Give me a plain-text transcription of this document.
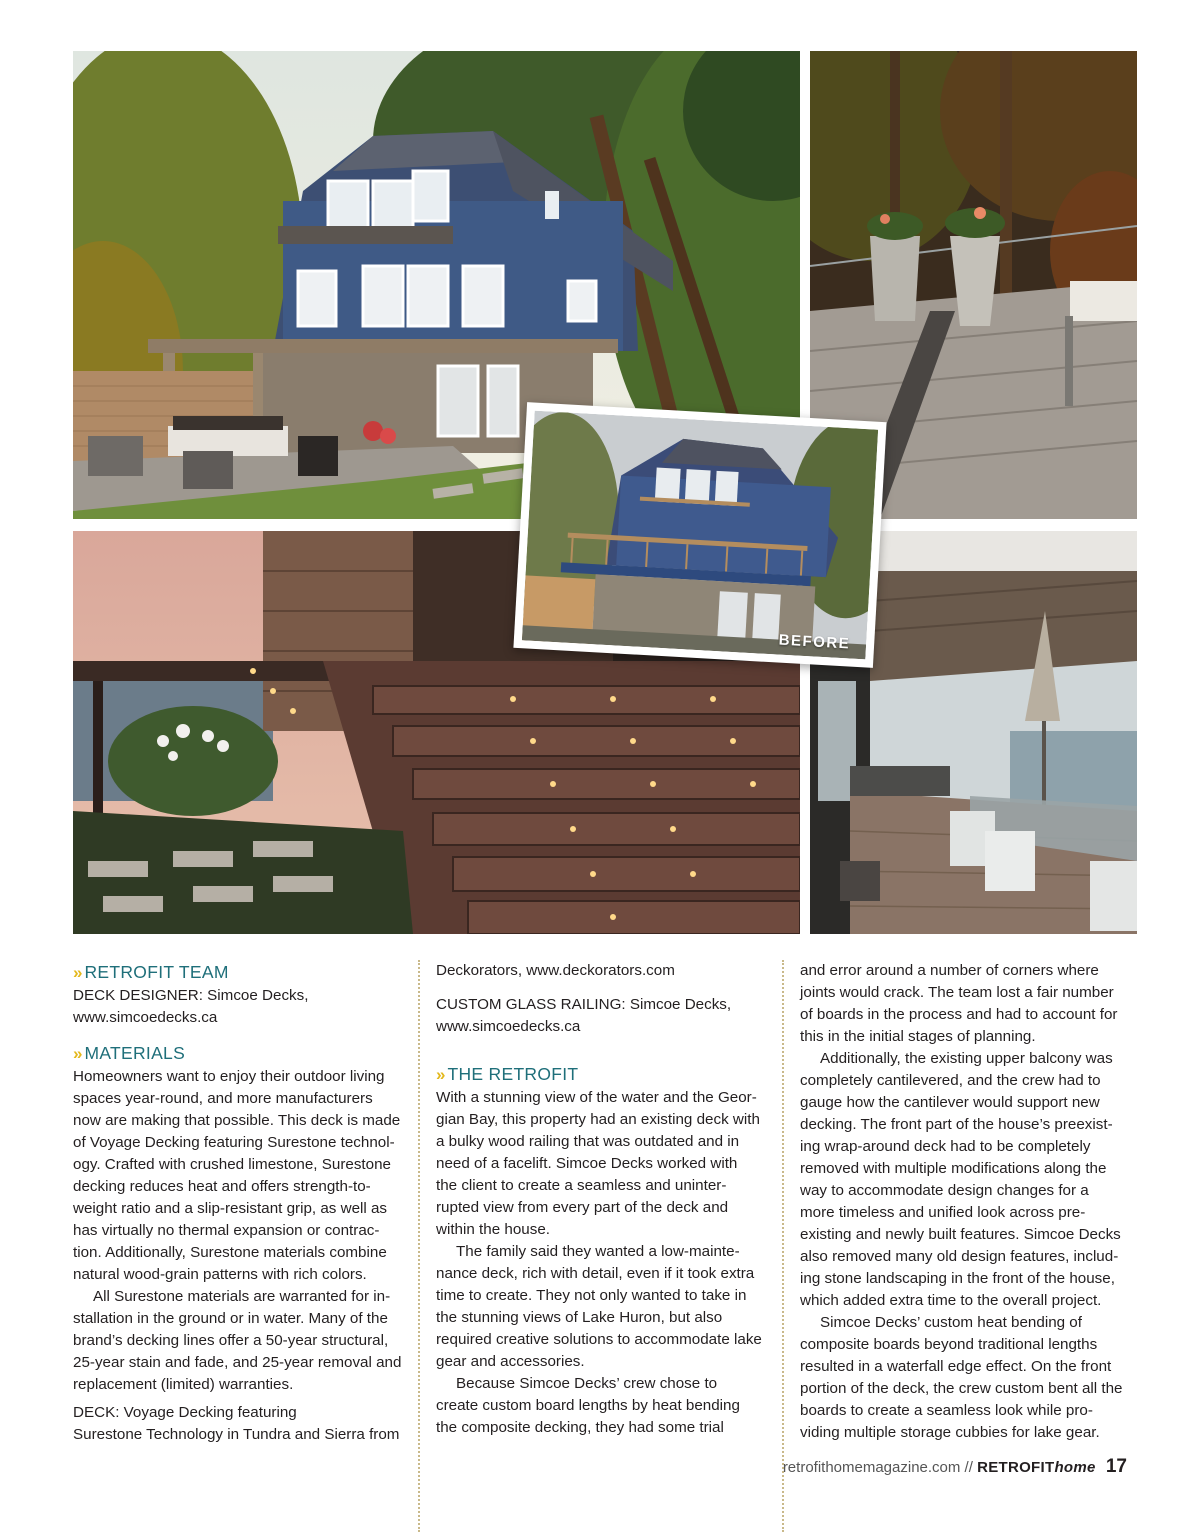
BEFORE
» RETROFIT TEAM

DECK DESIGNER: Simcoe Decks,

www.simcoedecks.ca

» MATERIALS

Homeowners want to enjoy their outdoor living spaces year-round, and more manufacturers now are making that possible. This deck is made of Voyage Decking featuring Surestone technol-ogy. Crafted with crushed limestone, Surestone decking reduces heat and offers strength-to-weight ratio and a slip-resistant grip, as well as has virtually no thermal expansion or contrac-tion. Additionally, Surestone materials combine natural wood-grain patterns with rich colors.

All Surestone materials are warranted for in-stallation in the ground or in water. Many of the brand’s decking lines offer a 50-year structural, 25-year stain and fade, and 25-year removal and replacement (limited) warranties.

DECK: Voyage Decking featuring

Surestone Technology in Tundra and Sierra from

Deckorators, www.deckorators.com

CUSTOM GLASS RAILING: Simcoe Decks,

www.simcoedecks.ca

» THE RETROFIT

With a stunning view of the water and the Geor-gian Bay, this property had an existing deck with a bulky wood railing that was outdated and in need of a facelift. Simcoe Decks worked with the client to create a seamless and uninter-rupted view from every part of the deck and within the house.

The family said they wanted a low-mainte-nance deck, rich with detail, even if it took extra time to create. They not only wanted to take in the stunning views of Lake Huron, but also required creative solutions to accommodate lake gear and accessories.

Because Simcoe Decks’ crew chose to create custom board lengths by heat bending the composite decking, they had some trial

and error around a number of corners where joints would crack. The team lost a fair number of boards in the process and had to account for this in the initial stages of planning.

Additionally, the existing upper balcony was completely cantilevered, and the crew had to gauge how the cantilever would support new decking. The front part of the house’s preexist-ing wrap-around deck had to be completely removed with multiple modifications along the way to accommodate design changes for a more timeless and unified look across pre-existing and newly built features. Simcoe Decks also removed many old design features, includ-ing stone landscaping in the front of the house, which added extra time to the overall project.

Simcoe Decks’ custom heat bending of composite boards beyond traditional lengths resulted in a waterfall edge effect. On the front portion of the deck, the crew custom bent all the boards to create a seamless look while pro-viding multiple storage cubbies for lake gear.

retrofithomemagazine.com // RETROFIThome 17
